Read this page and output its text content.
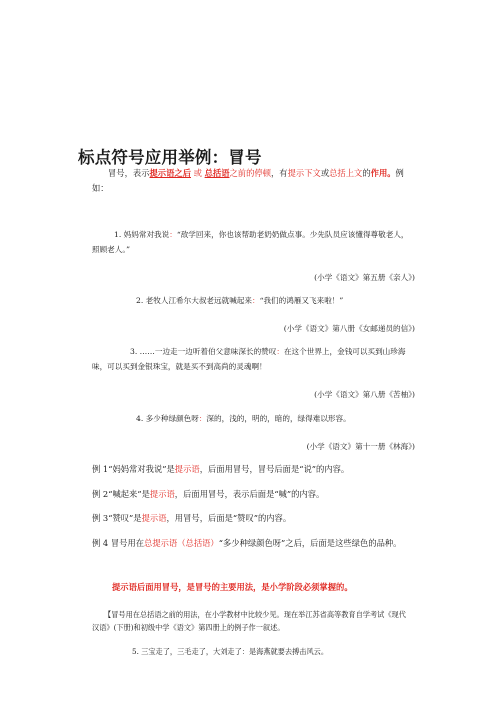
标点符号应用举例：冒号
冒号，表示提示语之后 或 总括语之前的停顿，有提示下文或总括上文的作用。例如：
1. 妈妈常对我说：“敌学回来，你也该帮助老奶奶做点事。少先队员应该懂得尊敬老人，照顾老人。”
(小学《语文》第五册《亲人》)
2. 老牧人江希尔大叔老远就喊起来：“我们的鸿雁又飞来啦！”
(小学《语文》第八册《女邮递员的信》)
3. ……一边走一边听着伯父意味深长的赞叹：在这个世界上，金钱可以买到山珍海味，可以买到金银珠宝，就是买不到高尚的灵魂啊！
(小学《语文》第八册《苦柚》)
4. 多少种绿颜色呀：深的，浅的，明的，暗的，绿得难以形容。
(小学《语文》第十一册《林海》)
例 1“妈妈常对我说”是提示语，后面用冒号，冒号后面是“说”的内容。
例 2“喊起来”是提示语，后面用冒号，表示后面是“喊”的内容。
例 3“赞叹”是提示语，用冒号，后面是“赞叹”的内容。
例 4 冒号用在总提示语（总括语）“多少种绿颜色呀”之后，后面是这些绿色的品种。
提示语后面用冒号，是冒号的主要用法，是小学阶段必须掌握的。
【冒号用在总括语之前的用法，在小学教材中比较少见。现在举江苏省高等教育自学考试《现代汉语》(下册)和初级中学《语文》第四册上的例子作一叙述。
5. 三宝走了，三毛走了，大刘走了：是海燕就要去搏击风云。
